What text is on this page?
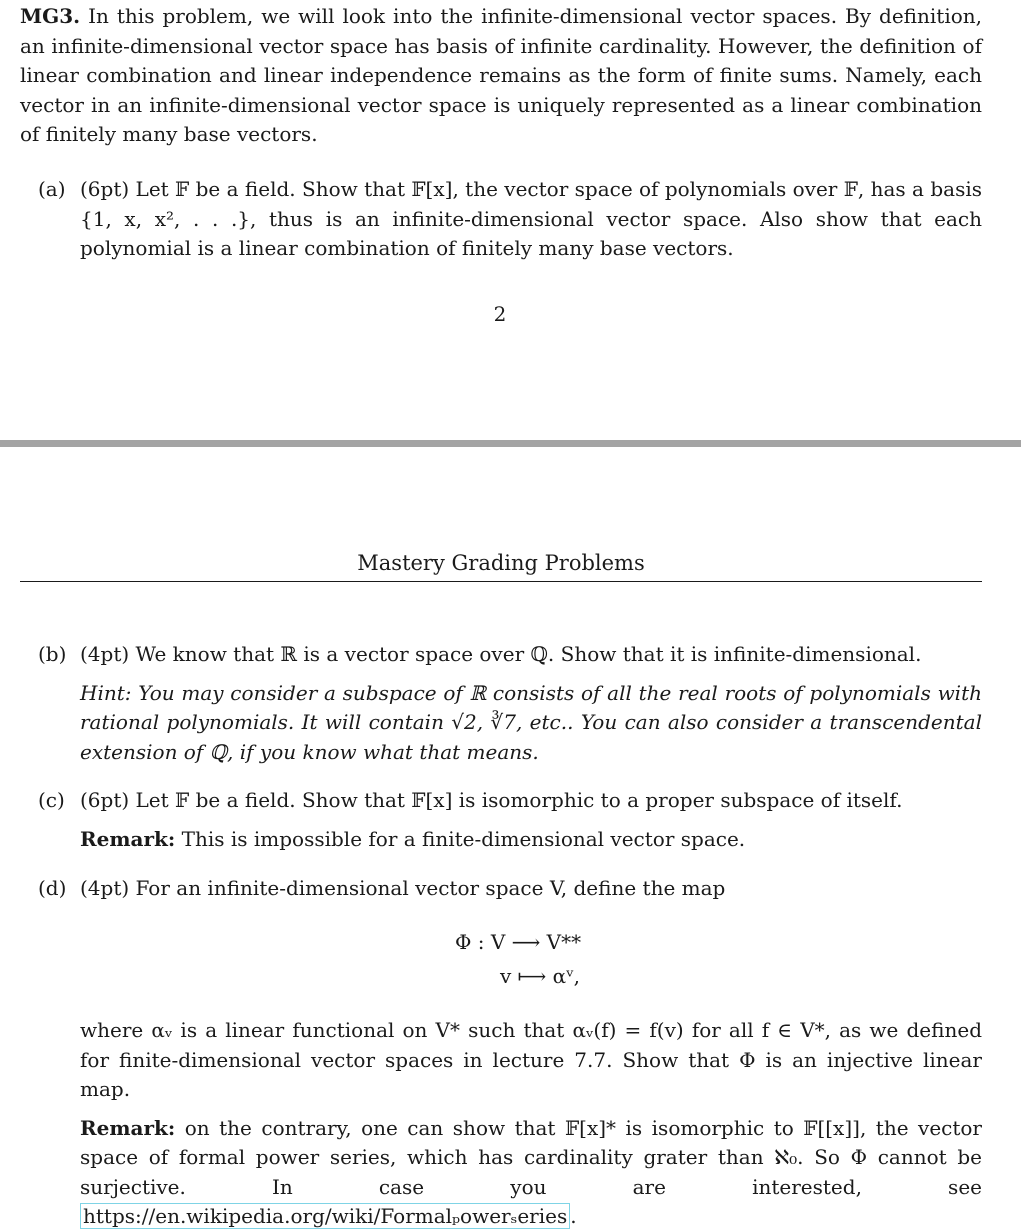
MG3. In this problem, we will look into the infinite-dimensional vector spaces. By definition, an infinite-dimensional vector space has basis of infinite cardinality. However, the definition of linear combination and linear independence remains as the form of finite sums. Namely, each vector in an infinite-dimensional vector space is uniquely represented as a linear combination of finitely many base vectors.

(a) (6pt) Let 𝔽 be a field. Show that 𝔽[x], the vector space of polynomials over 𝔽, has a basis {1, x, x², . . .}, thus is an infinite-dimensional vector space. Also show that each polynomial is a linear combination of finitely many base vectors.

2
Mastery Grading Problems
(b) (4pt) We know that ℝ is a vector space over ℚ. Show that it is infinite-dimensional.

Hint: You may consider a subspace of ℝ consists of all the real roots of polynomials with rational polynomials. It will contain √2, ∛7, etc.. You can also consider a transcendental extension of ℚ, if you know what that means.

(c) (6pt) Let 𝔽 be a field. Show that 𝔽[x] is isomorphic to a proper subspace of itself.

Remark: This is impossible for a finite-dimensional vector space.

(d) (4pt) For an infinite-dimensional vector space V, define the map

Φ : V ⟶ V**
v ⟼ αᵛ,

where αᵥ is a linear functional on V* such that αᵥ(f) = f(v) for all f ∈ V*, as we defined for finite-dimensional vector spaces in lecture 7.7. Show that Φ is an injective linear map.

Remark: on the contrary, one can show that 𝔽[x]* is isomorphic to 𝔽[[x]], the vector space of formal power series, which has cardinality grater than ℵ₀. So Φ cannot be surjective. In case you are interested, see https://en.wikipedia.org/wiki/Formalₚowerₛeries .
